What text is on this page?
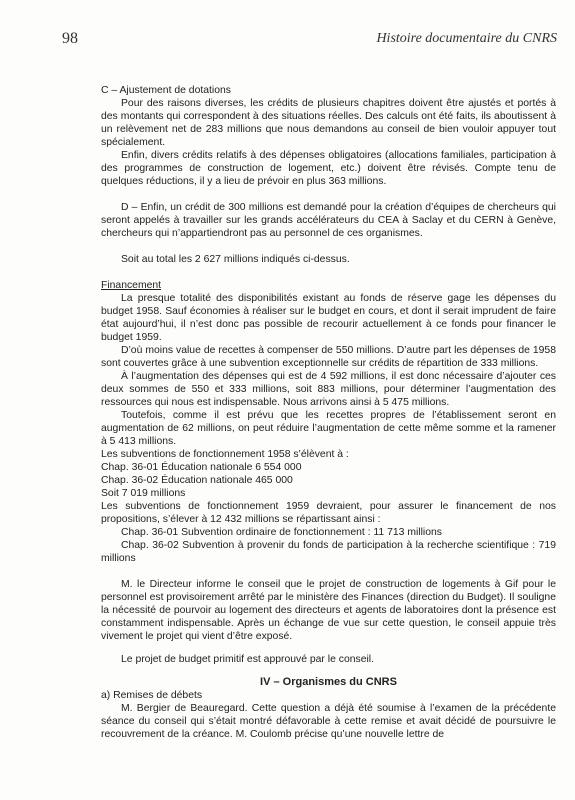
98	Histoire documentaire du CNRS

C – Ajustement de dotations

Pour des raisons diverses, les crédits de plusieurs chapitres doivent être ajustés et portés à des montants qui correspondent à des situations réelles. Des calculs ont été faits, ils aboutissent à un relèvement net de 283 millions que nous demandons au conseil de bien vouloir appuyer tout spécialement.

Enfin, divers crédits relatifs à des dépenses obligatoires (allocations familiales, participation à des programmes de construction de logement, etc.) doivent être révisés. Compte tenu de quelques réductions, il y a lieu de prévoir en plus 363 millions.

D – Enfin, un crédit de 300 millions est demandé pour la création d’équipes de chercheurs qui seront appelés à travailler sur les grands accélérateurs du CEA à Saclay et du CERN à Genève, chercheurs qui n’appartiendront pas au personnel de ces organismes.

Soit au total les 2 627 millions indiqués ci-dessus.

Financement

La presque totalité des disponibilités existant au fonds de réserve gage les dépenses du budget 1958. Sauf économies à réaliser sur le budget en cours, et dont il serait imprudent de faire état aujourd’hui, il n’est donc pas possible de recourir actuellement à ce fonds pour financer le budget 1959.

D’où moins value de recettes à compenser de 550 millions. D’autre part les dépenses de 1958 sont couvertes grâce à une subvention exceptionnelle sur crédits de répartition de 333 millions.

À l’augmentation des dépenses qui est de 4 592 millions, il est donc nécessaire d’ajouter ces deux sommes de 550 et 333 millions, soit 883 millions, pour déterminer l’augmentation des ressources qui nous est indispensable. Nous arrivons ainsi à 5 475 millions.

Toutefois, comme il est prévu que les recettes propres de l’établissement seront en augmentation de 62 millions, on peut réduire l’augmentation de cette même somme et la ramener à 5 413 millions.

Les subventions de fonctionnement 1958 s’élèvent à :

Chap. 36-01 Éducation nationale 6 554 000

Chap. 36-02 Éducation nationale 465 000

Soit 7 019 millions

Les subventions de fonctionnement 1959 devraient, pour assurer le financement de nos propositions, s’élever à 12 432 millions se répartissant ainsi :

Chap. 36-01 Subvention ordinaire de fonctionnement : 11 713 millions

Chap. 36-02 Subvention à provenir du fonds de participation à la recherche scientifique : 719 millions

M. le Directeur informe le conseil que le projet de construction de logements à Gif pour le personnel est provisoirement arrêté par le ministère des Finances (direction du Budget). Il souligne la nécessité de pourvoir au logement des directeurs et agents de laboratoires dont la présence est constamment indispensable. Après un échange de vue sur cette question, le conseil appuie très vivement le projet qui vient d’être exposé.

Le projet de budget primitif est approuvé par le conseil.

IV – Organismes du CNRS

a) Remises de débets

M. Bergier de Beauregard. Cette question a déjà été soumise à l’examen de la précédente séance du conseil qui s’était montré défavorable à cette remise et avait décidé de poursuivre le recouvrement de la créance. M. Coulomb précise qu’une nouvelle lettre de
